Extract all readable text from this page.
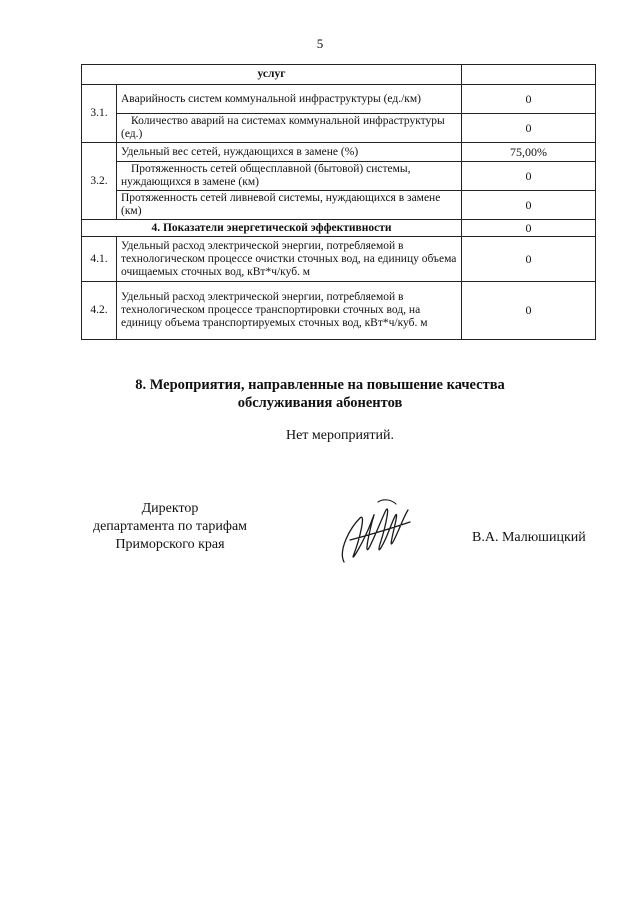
5
услуг		
3.1.	Аварийность систем коммунальной инфраструктуры (ед./км)	0
	Количество аварий на системах коммунальной инфраструктуры (ед.)	0
3.2.	Удельный вес сетей, нуждающихся в замене (%)	75,00%
	Протяженность сетей общесплавной (бытовой) системы, нуждающихся в замене (км)	0
	Протяженность сетей ливневой системы, нуждающихся в замене (км)	0
4. Показатели энергетической эффективности		0
4.1.	Удельный расход электрической энергии, потребляемой в технологическом процессе очистки сточных вод, на единицу объема очищаемых сточных вод, кВт*ч/куб. м	0
4.2.	Удельный расход электрической энергии, потребляемой в технологическом процессе транспортировки сточных вод, на единицу объема транспортируемых сточных вод, кВт*ч/куб. м	0
8. Мероприятия, направленные на повышение качества
обслуживания абонентов
Нет мероприятий.
Директор
департамента по тарифам
Приморского края	В.А. Малюшицкий
